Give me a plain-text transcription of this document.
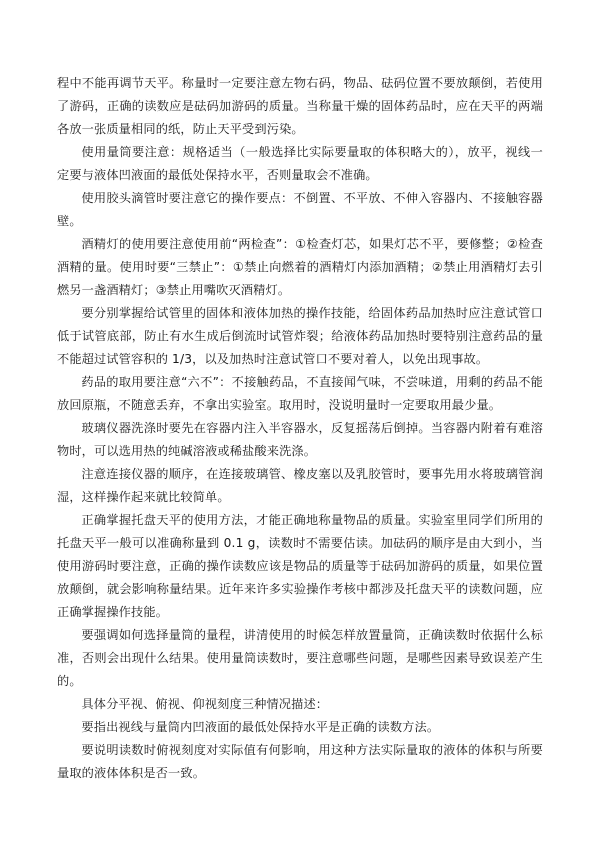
程中不能再调节天平。称量时一定要注意左物右码，物品、砝码位置不要放颠倒，若使用了游码，正确的读数应是砝码加游码的质量。当称量干燥的固体药品时，应在天平的两端各放一张质量相同的纸，防止天平受到污染。

使用量筒要注意：规格适当（一般选择比实际要量取的体积略大的），放平，视线一定要与液体凹液面的最低处保持水平，否则量取会不准确。

使用胶头滴管时要注意它的操作要点：不倒置、不平放、不伸入容器内、不接触容器壁。

酒精灯的使用要注意使用前“两检查”：①检查灯芯，如果灯芯不平，要修整；②检查酒精的量。使用时要“三禁止”：①禁止向燃着的酒精灯内添加酒精；②禁止用酒精灯去引燃另一盏酒精灯；③禁止用嘴吹灭酒精灯。

要分别掌握给试管里的固体和液体加热的操作技能，给固体药品加热时应注意试管口低于试管底部，防止有水生成后倒流时试管炸裂；给液体药品加热时要特别注意药品的量不能超过试管容积的 1/3，以及加热时注意试管口不要对着人，以免出现事故。

药品的取用要注意“六不”：不接触药品，不直接闻气味，不尝味道，用剩的药品不能放回原瓶，不随意丢弃，不拿出实验室。取用时，没说明量时一定要取用最少量。

玻璃仪器洗涤时要先在容器内注入半容器水，反复摇荡后倒掉。当容器内附着有难溶物时，可以选用热的纯碱溶液或稀盐酸来洗涤。

注意连接仪器的顺序，在连接玻璃管、橡皮塞以及乳胶管时，要事先用水将玻璃管润湿，这样操作起来就比较简单。

正确掌握托盘天平的使用方法，才能正确地称量物品的质量。实验室里同学们所用的托盘天平一般可以准确称量到 0.1 g，读数时不需要估读。加砝码的顺序是由大到小，当使用游码时要注意，正确的操作读数应该是物品的质量等于砝码加游码的质量，如果位置放颠倒，就会影响称量结果。近年来许多实验操作考核中都涉及托盘天平的读数问题，应正确掌握操作技能。

要强调如何选择量筒的量程，讲清使用的时候怎样放置量筒，正确读数时依据什么标准，否则会出现什么结果。使用量筒读数时，要注意哪些问题，是哪些因素导致误差产生的。

具体分平视、俯视、仰视刻度三种情况描述：

要指出视线与量筒内凹液面的最低处保持水平是正确的读数方法。

要说明读数时俯视刻度对实际值有何影响，用这种方法实际量取的液体的体积与所要量取的液体体积是否一致。
